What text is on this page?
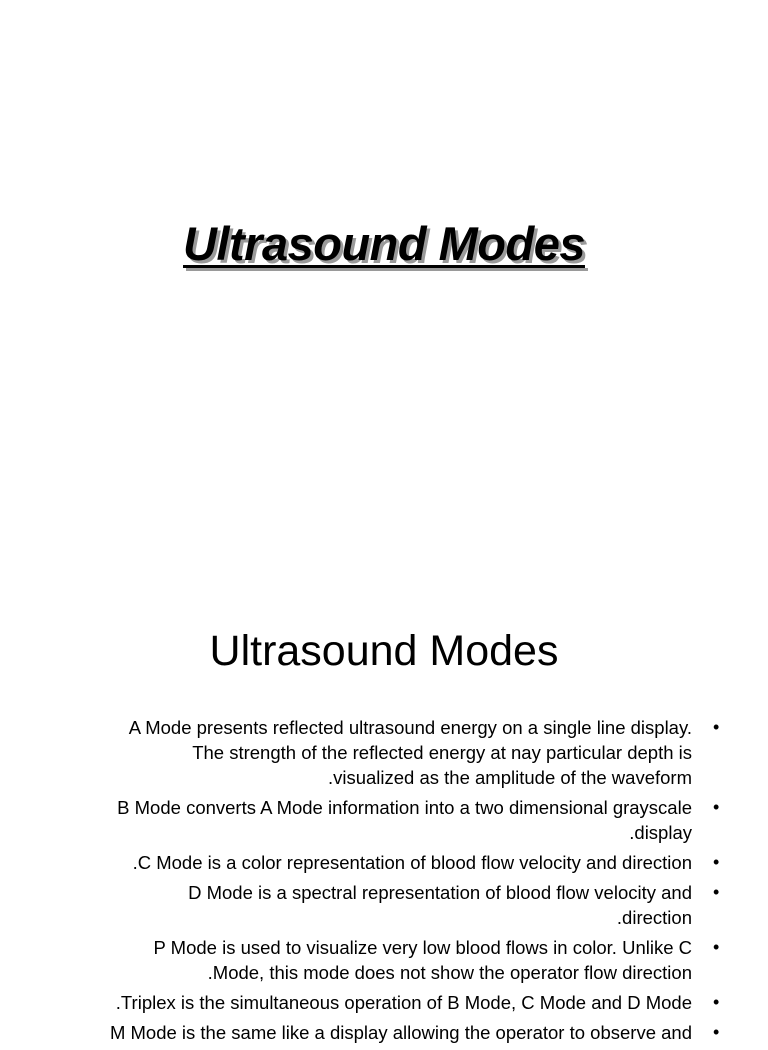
Ultrasound Modes
Ultrasound Modes
A Mode presents reflected ultrasound energy on a single line display.
The strength of the reflected energy at nay particular depth is
.visualized as the amplitude of the waveform
•
B Mode converts A Mode information into a two dimensional grayscale
.display
•
.C Mode is a color representation of blood flow velocity and direction •
D Mode is a spectral representation of blood flow velocity and
.direction
•
P Mode is used to visualize very low blood flows in color. Unlike C
.Mode, this mode does not show the operator flow direction
•
.Triplex is the simultaneous operation of B Mode, C Mode and D Mode •
M Mode is the same like a display allowing the operator to observe and •
